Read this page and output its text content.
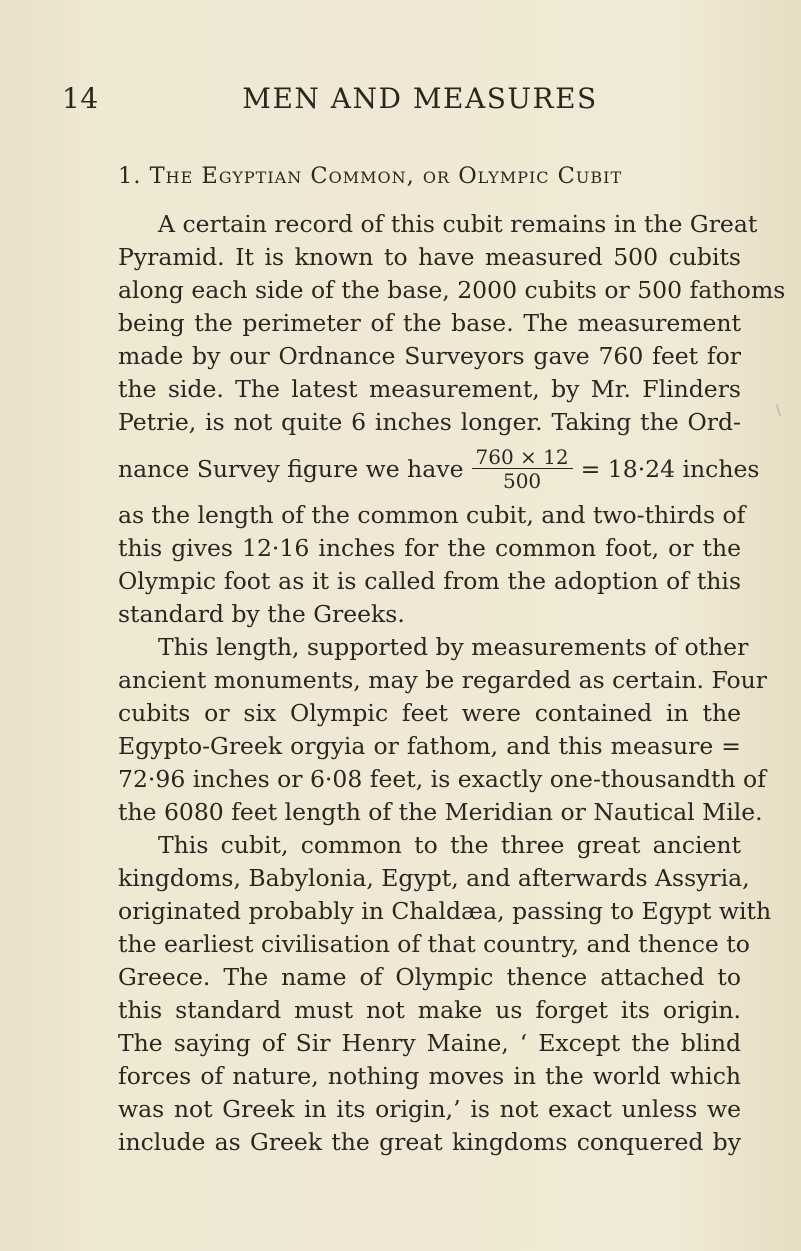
14	MEN AND MEASURES
1. The Egyptian Common, or Olympic Cubit
A certain record of this cubit remains in the Great
Pyramid. It is known to have measured 500 cubits
along each side of the base, 2000 cubits or 500 fathoms
being the perimeter of the base. The measurement
made by our Ordnance Surveyors gave 760 feet for
the side. The latest measurement, by Mr. Flinders
Petrie, is not quite 6 inches longer. Taking the Ord-
nance Survey figure we have $\frac{760 \times 12}{500} = 18\cdot 24$ inches
as the length of the common cubit, and two-thirds of
this gives 12·16 inches for the common foot, or the
Olympic foot as it is called from the adoption of this
standard by the Greeks.
This length, supported by measurements of other
ancient monuments, may be regarded as certain. Four
cubits or six Olympic feet were contained in the
Egypto-Greek orgyia or fathom, and this measure =
72·96 inches or 6·08 feet, is exactly one-thousandth of
the 6080 feet length of the Meridian or Nautical Mile.
This cubit, common to the three great ancient
kingdoms, Babylonia, Egypt, and afterwards Assyria,
originated probably in Chaldæa, passing to Egypt with
the earliest civilisation of that country, and thence to
Greece. The name of Olympic thence attached to
this standard must not make us forget its origin.
The saying of Sir Henry Maine, ‘ Except the blind
forces of nature, nothing moves in the world which
was not Greek in its origin,’ is not exact unless we
include as Greek the great kingdoms conquered by
\
